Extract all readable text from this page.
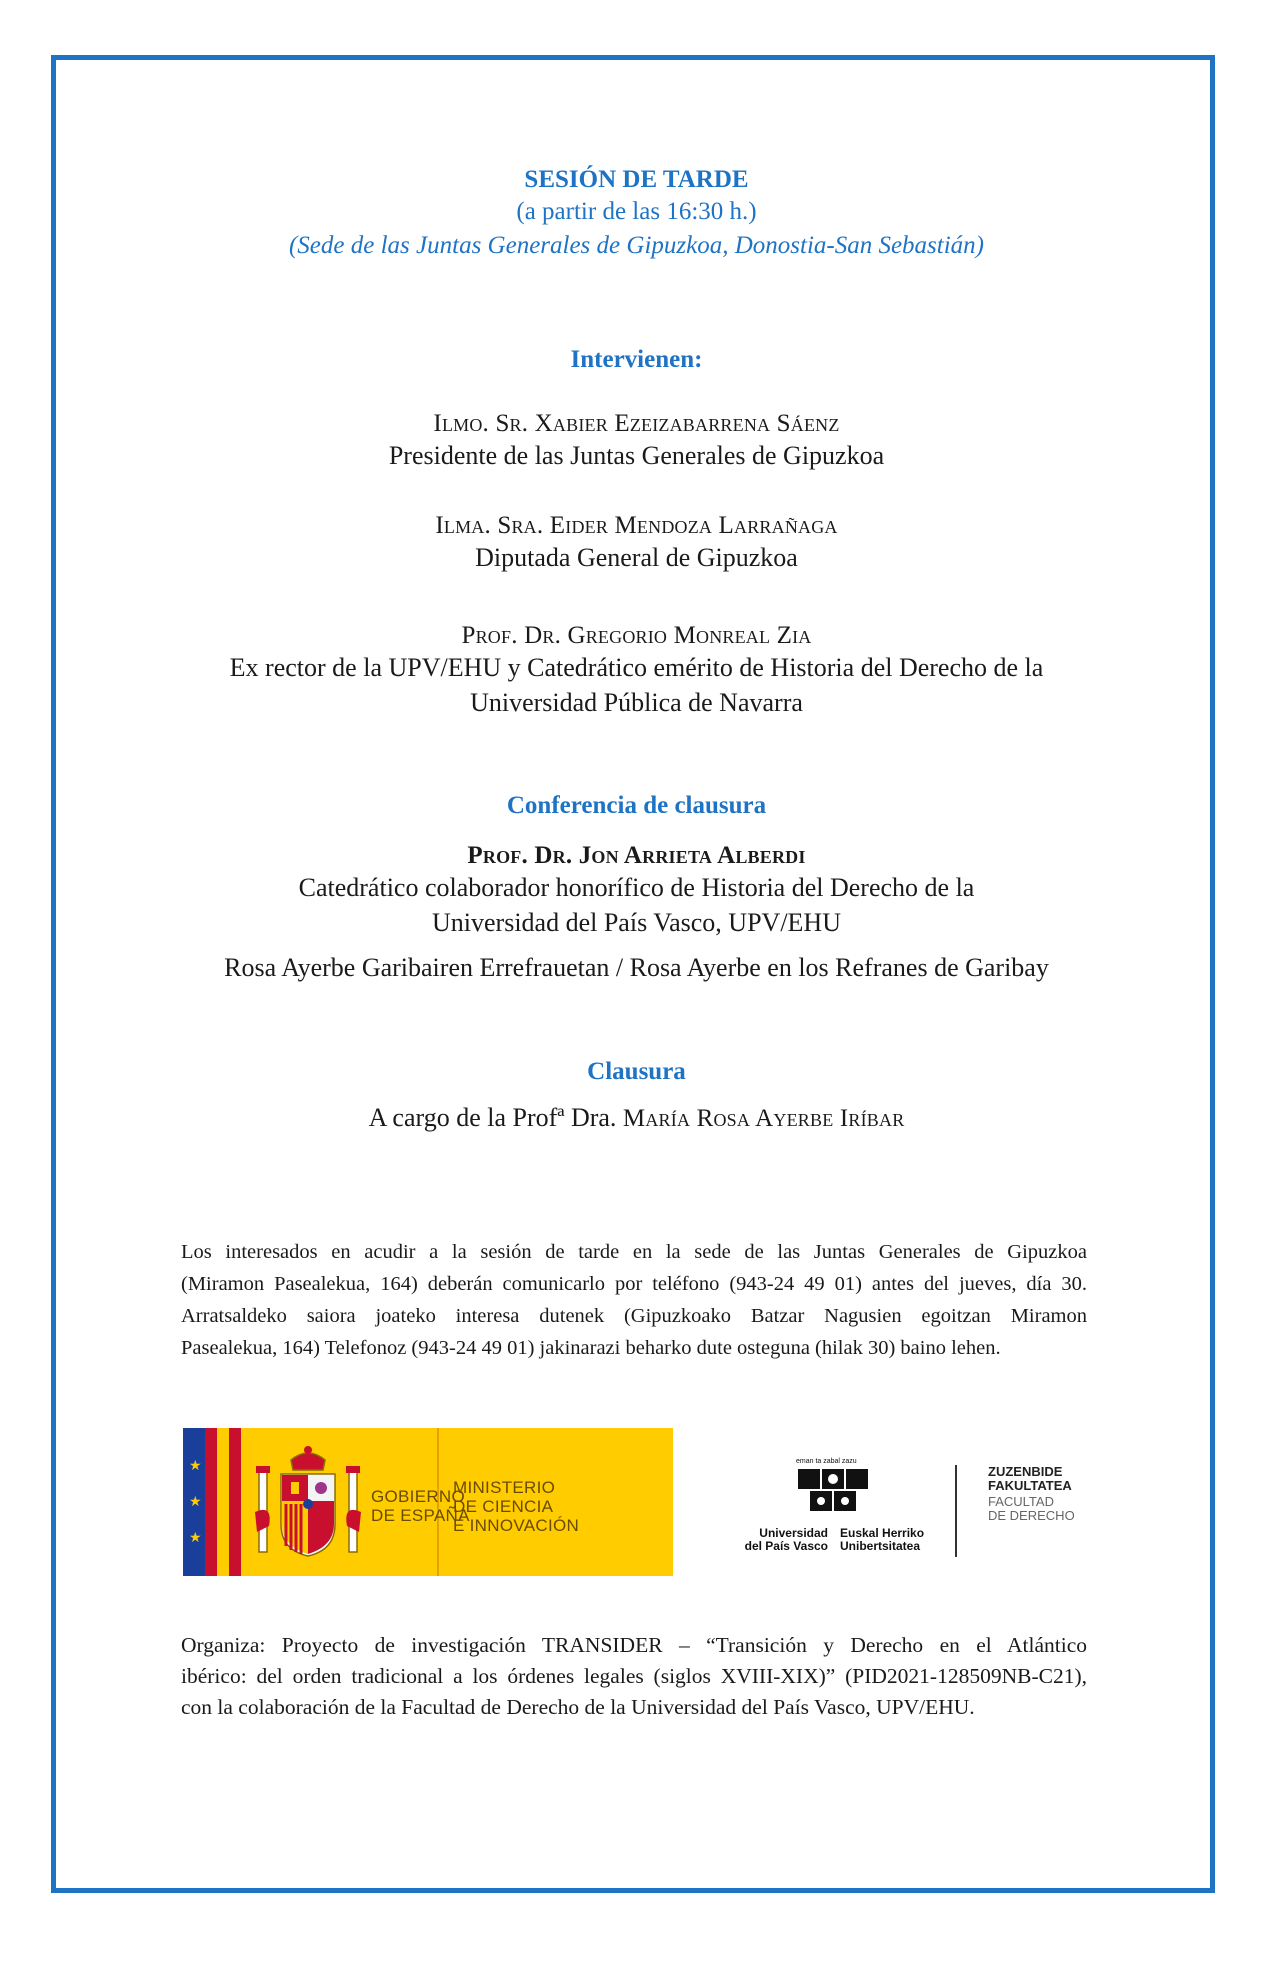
SESIÓN DE TARDE
(a partir de las 16:30 h.)
(Sede de las Juntas Generales de Gipuzkoa, Donostia-San Sebastián)
Intervienen:
Ilmo. Sr. Xabier Ezeizabarrena Sáenz
Presidente de las Juntas Generales de Gipuzkoa
Ilma. Sra. Eider Mendoza Larrañaga
Diputada General de Gipuzkoa
Prof. Dr. Gregorio Monreal Zia
Ex rector de la UPV/EHU y Catedrático emérito de Historia del Derecho de la
Universidad Pública de Navarra
Conferencia de clausura
Prof. Dr. Jon Arrieta Alberdi
Catedrático colaborador honorífico de Historia del Derecho de la
Universidad del País Vasco, UPV/EHU
Rosa Ayerbe Garibairen Errefrauetan / Rosa Ayerbe en los Refranes de Garibay
Clausura
A cargo de la Profª Dra. María Rosa Ayerbe Iríbar

Los interesados en acudir a la sesión de tarde en la sede de las Juntas Generales de Gipuzkoa

(Miramon Pasealekua, 164) deberán comunicarlo por teléfono (943-24 49 01) antes del jueves, día 30.

Arratsaldeko saiora joateko interesa dutenek (Gipuzkoako Batzar Nagusien egoitzan Miramon

Pasealekua, 164) Telefonoz (943-24 49 01) jakinarazi beharko dute osteguna (hilak 30) baino lehen.

★
★
★
GOBIERNO
DE ESPAÑA
MINISTERIO
DE CIENCIA
E INNOVACIÓN
eman ta zabal zazu
Universidad
del País Vasco
Euskal Herriko
Unibertsitatea
ZUZENBIDE
FAKULTATEA
FACULTAD
DE DERECHO

Organiza: Proyecto de investigación TRANSIDER – “Transición y Derecho en el Atlántico

ibérico: del orden tradicional a los órdenes legales (siglos XVIII-XIX)” (PID2021-128509NB-C21),

con la colaboración de la Facultad de Derecho de la Universidad del País Vasco, UPV/EHU.
